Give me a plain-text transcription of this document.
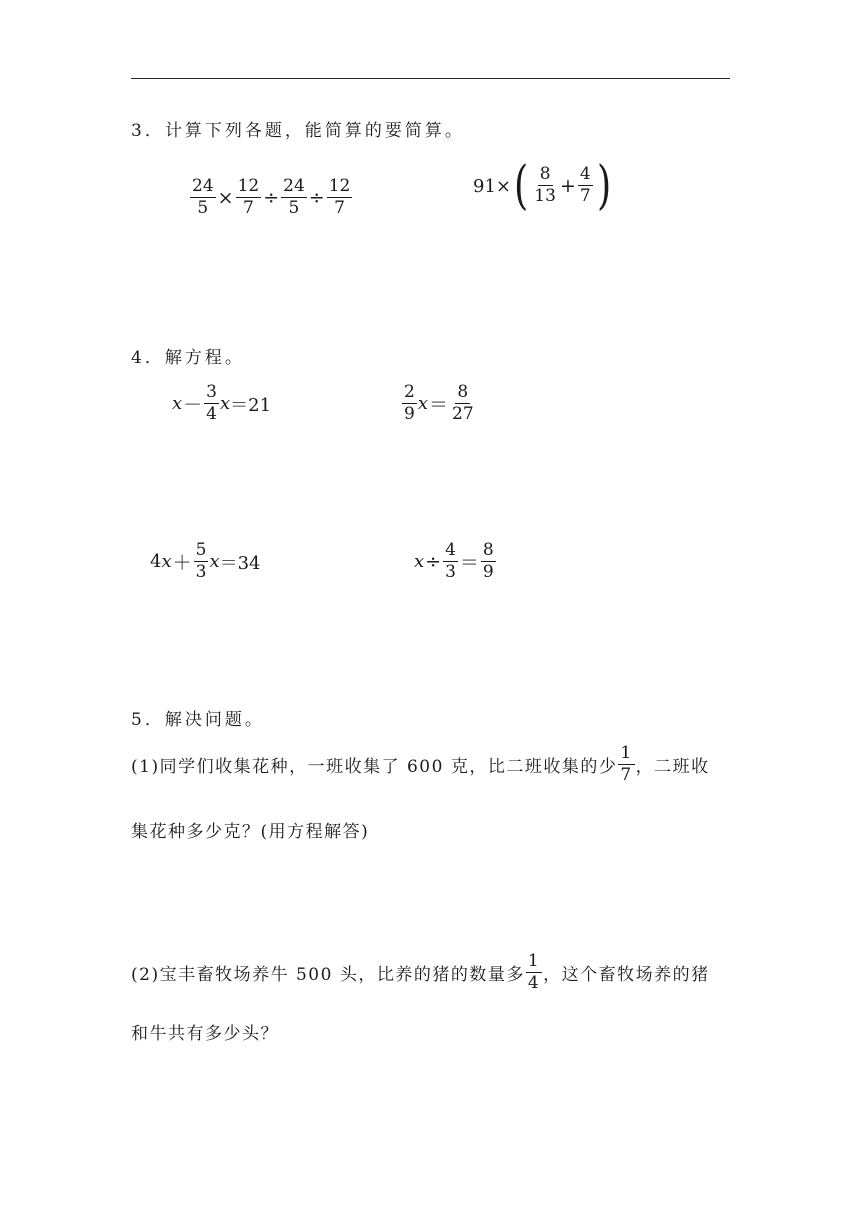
3．计算下列各题，能简算的要简算。
$\frac{24}{5} \times \frac{12}{7} \div \frac{24}{5} \div \frac{12}{7}$	91× ( $\frac{8}{13} + \frac{4}{7}$ )
4．解方程。
$x - \frac{3}{4}$ x ＝21	$\frac{2}{9}$ $x = \frac{8}{27}$
4 $x + \frac{5}{3}$ x ＝34	$x \div \frac{4}{3} = \frac{8}{9}$
5．解决问题。
(1)同学们收集花种，一班收集了 600 克，比二班收集的少 $\frac{1}{7}$ ，二班收
集花种多少克？(用方程解答)
(2)宝丰畜牧场养牛 500 头，比养的猪的数量多 $\frac{1}{4}$ ，这个畜牧场养的猪
和牛共有多少头？
